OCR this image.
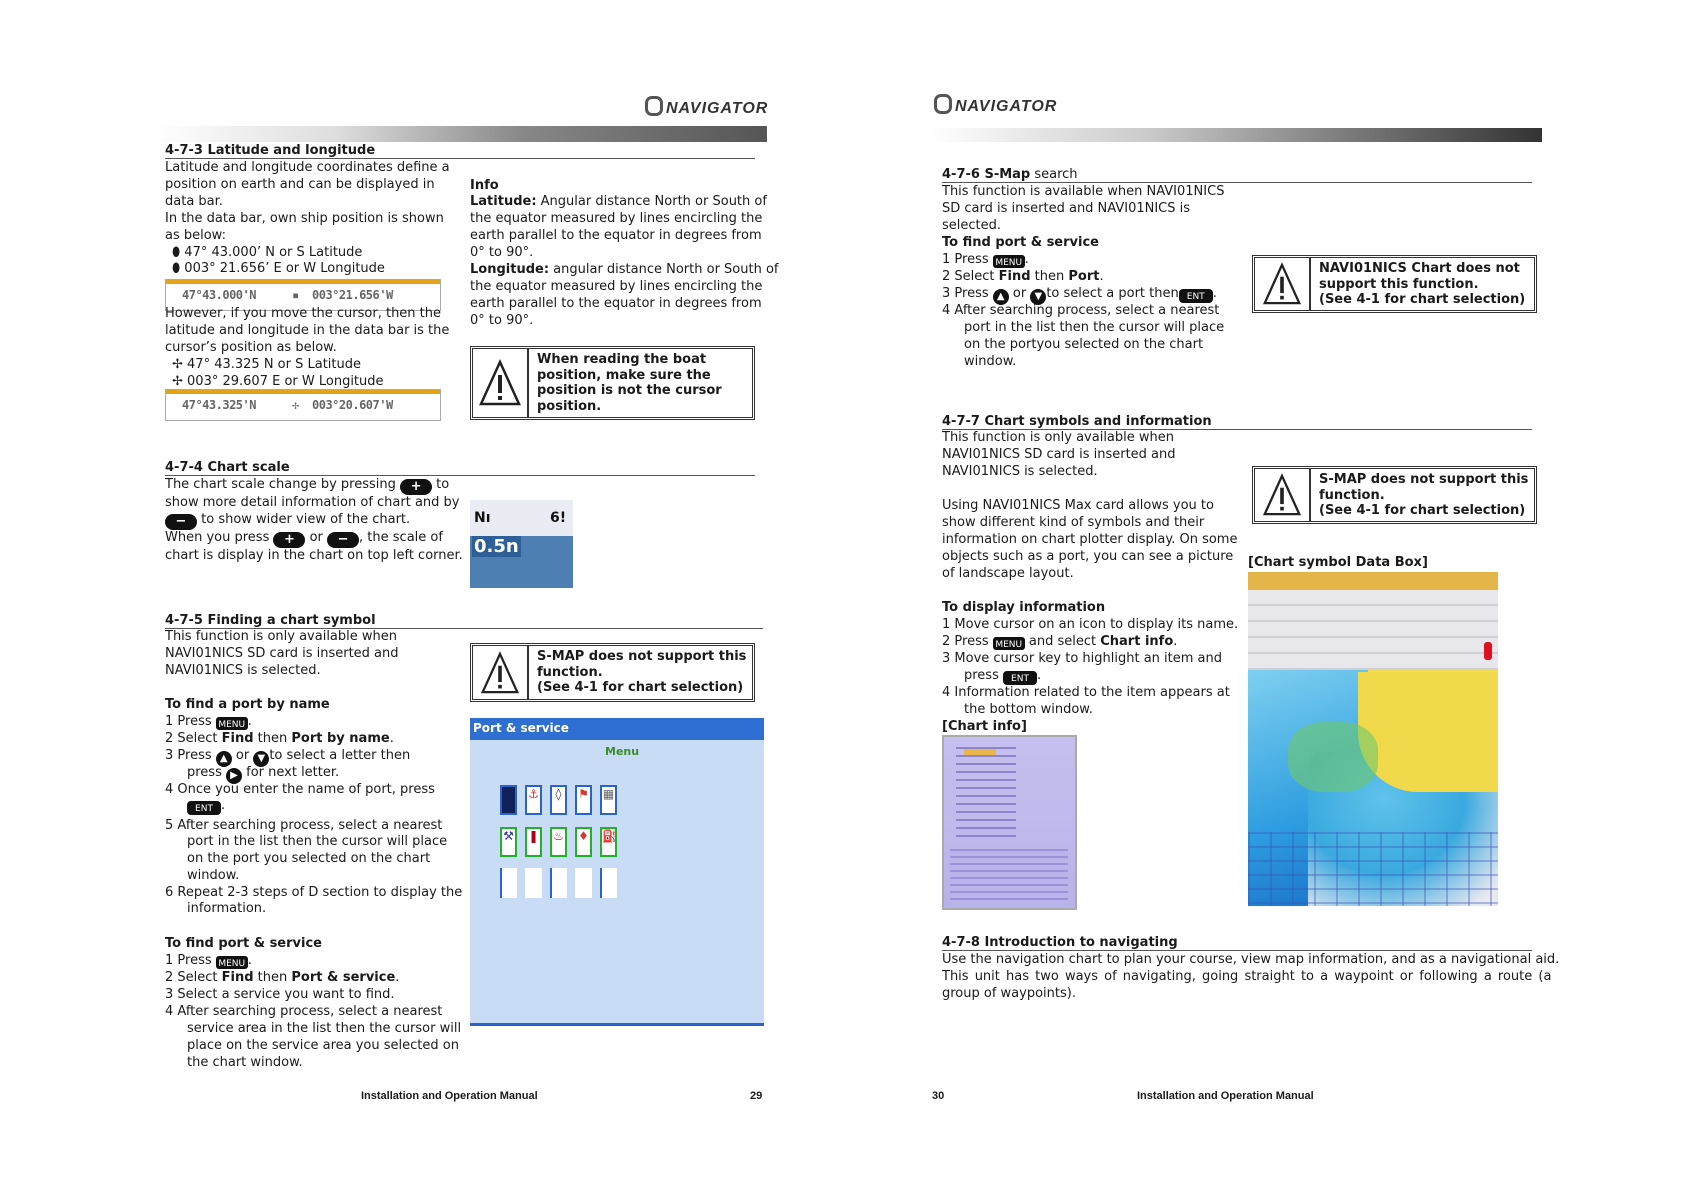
NAVIGATOR
4-7-3 Latitude and longitude
Latitude and longitude coordinates define a
position on earth and can be displayed in
data bar.
In the data bar, own ship position is shown
as below:
⬮ 47° 43.000’ N or S Latitude
⬮ 003° 21.656’ E or W Longitude
47°43.000'N	▪ 003°21.656'W
However, if you move the cursor, then the
latitude and longitude in the data bar is the
cursor’s position as below.
✢ 47° 43.325 N or S Latitude
✢ 003° 29.607 E or W Longitude
47°43.325'N	✢ 003°20.607'W
Info
Latitude: Angular distance North or South of
the equator measured by lines encircling the
earth parallel to the equator in degrees from
0° to 90°.
Longitude: angular distance North or South of
the equator measured by lines encircling the
earth parallel to the equator in degrees from
0° to 90°.
When reading the boat
position, make sure the
position is not the cursor
position.
4-7-4 Chart scale
The chart scale change by pressing + to
show more detail information of chart and by
− to show wider view of the chart.
When you press + or − , the scale of
chart is display in the chart on top left corner.
Nı	6!
0.5n
4-7-5 Finding a chart symbol
This function is only available when
NAVI01NICS SD card is inserted and
NAVI01NICS is selected.
To find a port by name
1 Press MENU .
2 Select Find then Port by name.
3 Press ▲ or ▼ to select a letter then
press ▶ for next letter.
4 Once you enter the name of port, press
ENT .
5 After searching process, select a nearest
port in the list then the cursor will place
on the port you selected on the chart
window.
6 Repeat 2-3 steps of D section to display the
information.
To find port & service
1 Press MENU .
2 Select Find then Port & service.
3 Select a service you want to find.
4 After searching process, select a nearest
service area in the list then the cursor will
place on the service area you selected on
the chart window.
S-MAP does not support this
function.
(See 4-1 for chart selection)
Port & service
Menu
⚓	◊	⚑ ▦
⚒ ❚ ♨ ♦ ⛽
Installation and Operation Manual	29
NAVIGATOR
4-7-6 S-Map search
This function is available when NAVI01NICS
SD card is inserted and NAVI01NICS is
selected.
To find port & service
1 Press MENU .
2 Select Find then Port.
3 Press ▲ or ▼ to select a port then ENT .
4 After searching process, select a nearest
port in the list then the cursor will place
on the portyou selected on the chart
window.
NAVI01NICS Chart does not
support this function.
(See 4-1 for chart selection)
4-7-7 Chart symbols and information
This function is only available when
NAVI01NICS SD card is inserted and
NAVI01NICS is selected.
Using NAVI01NICS Max card allows you to
show different kind of symbols and their
information on chart plotter display. On some
objects such as a port, you can see a picture
of landscape layout.
To display information
1 Move cursor on an icon to display its name.
2 Press MENU and select Chart info.
3 Move cursor key to highlight an item and
press ENT .
4 Information related to the item appears at
the bottom window.
[Chart info]
S-MAP does not support this
function.
(See 4-1 for chart selection)
[Chart symbol Data Box]
4-7-8 Introduction to navigating
Use the navigation chart to plan your course, view map information, and as a navigational aid.
This unit has two ways of navigating, going straight to a waypoint or following a route (a
group of waypoints).
30	Installation and Operation Manual
